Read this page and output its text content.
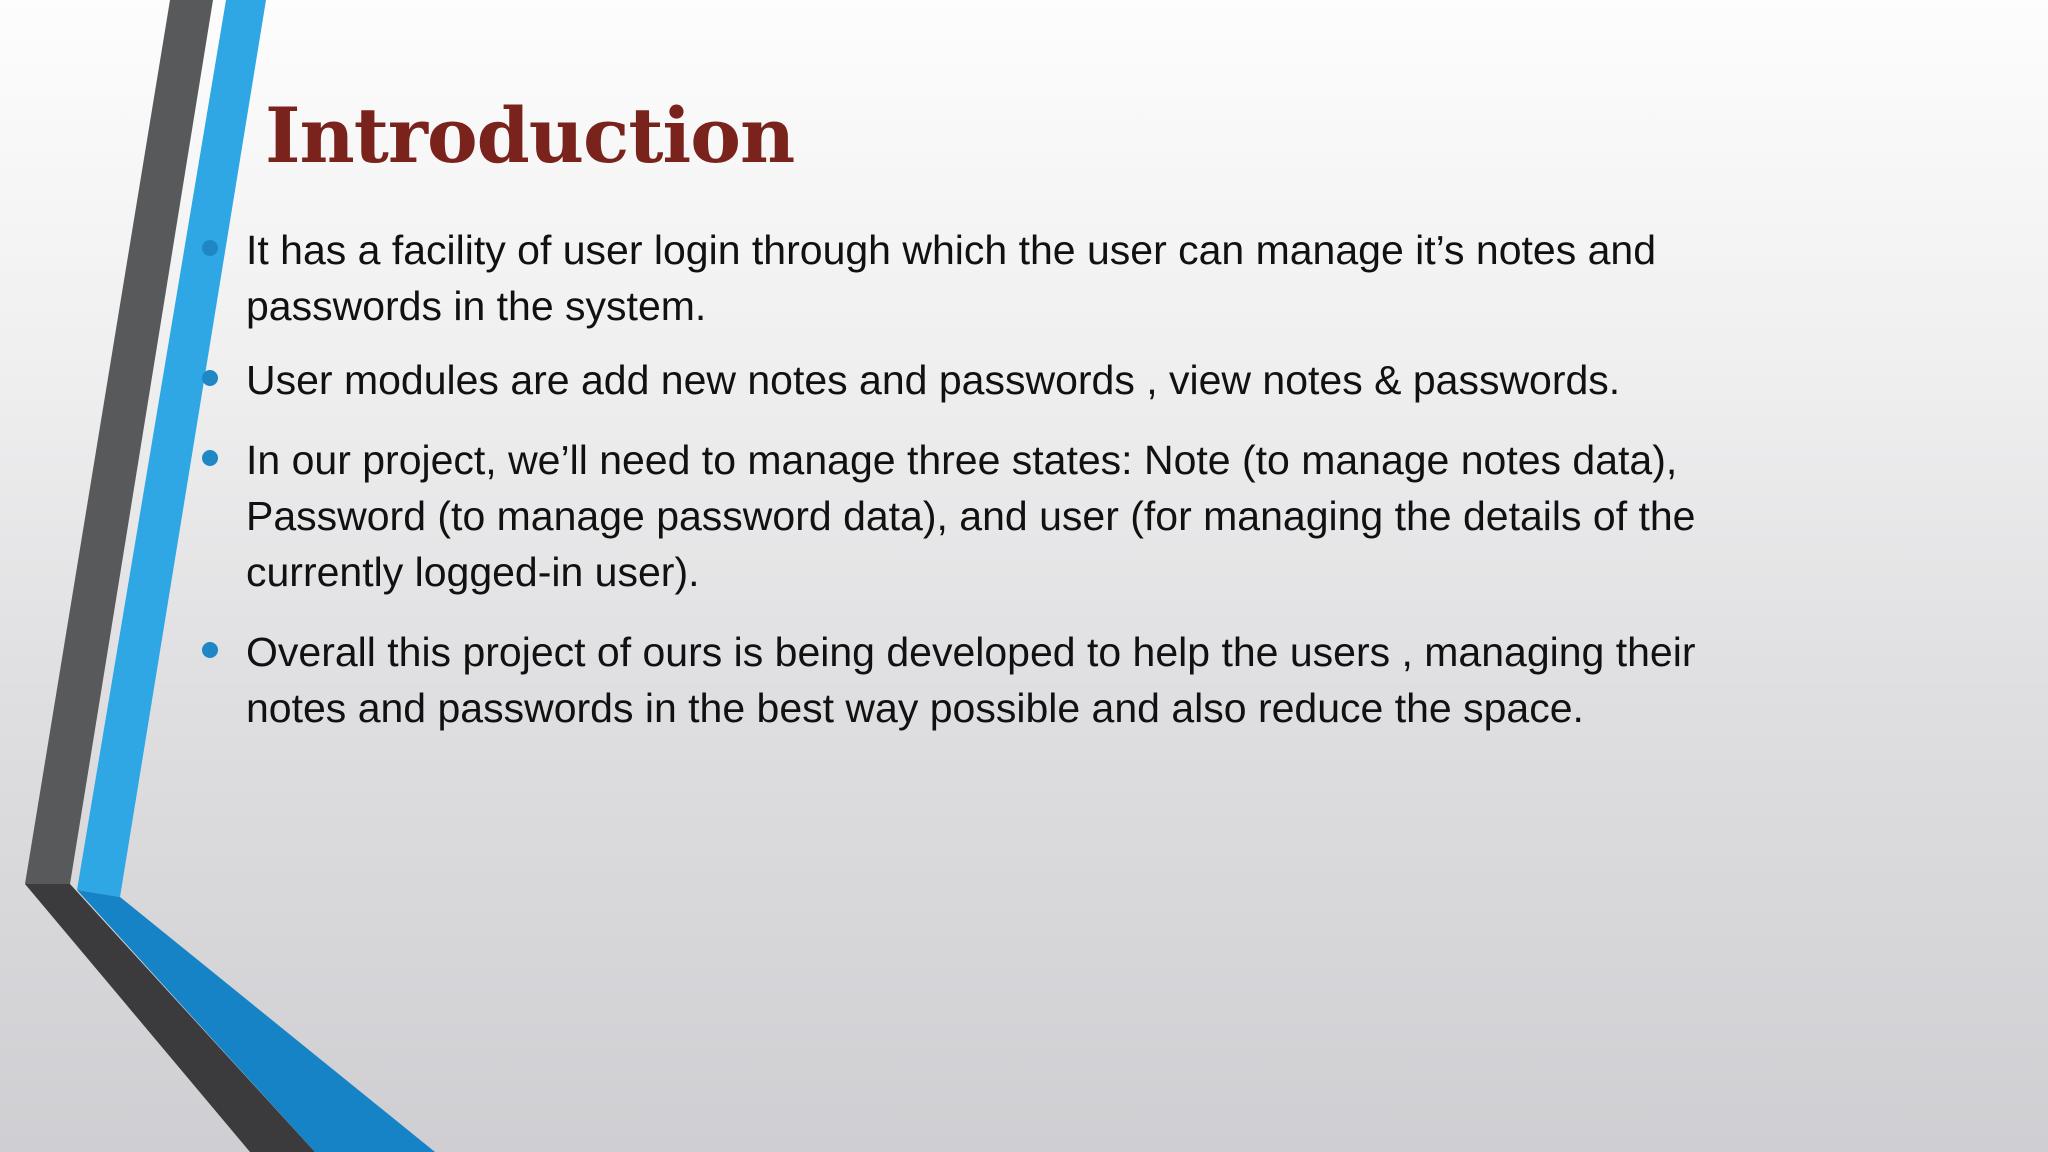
Introduction
It has a facility of user login through which the user can manage it’s notes and passwords in the system.
User modules are add new notes and passwords , view notes & passwords.
In our project, we’ll need to manage three states: Note (to manage notes data), Password (to manage password data), and user (for managing the details of the currently logged-in user).
Overall this project of ours is being developed to help the users , managing their notes and passwords in the best way possible and also reduce the space.
